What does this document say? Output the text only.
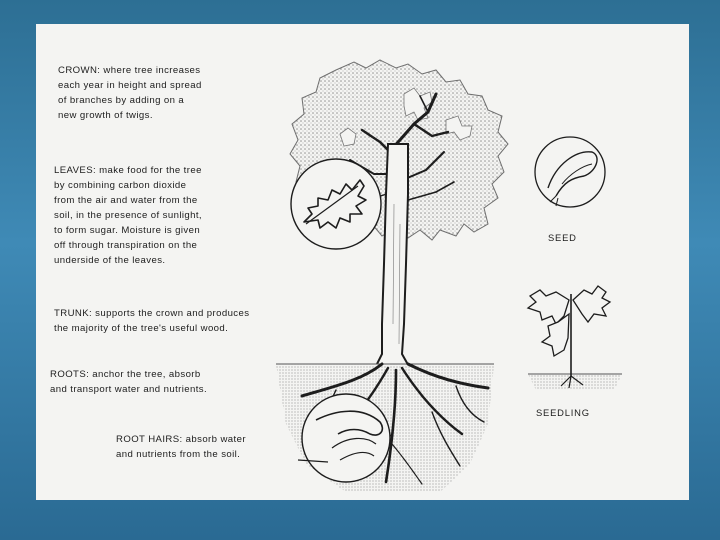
CROWN: where tree increases
each year in height and spread
of branches by adding on a
new growth of twigs.

LEAVES: make food for the tree
by combining carbon dioxide
from the air and water from the
soil, in the presence of sunlight,
to form sugar. Moisture is given
off through transpiration on the
underside of the leaves.

TRUNK: supports the crown and produces
the majority of the tree's useful wood.

ROOTS: anchor the tree, absorb
and transport water and nutrients.

ROOT HAIRS: absorb water
and nutrients from the soil.

SEED
SEEDLING
